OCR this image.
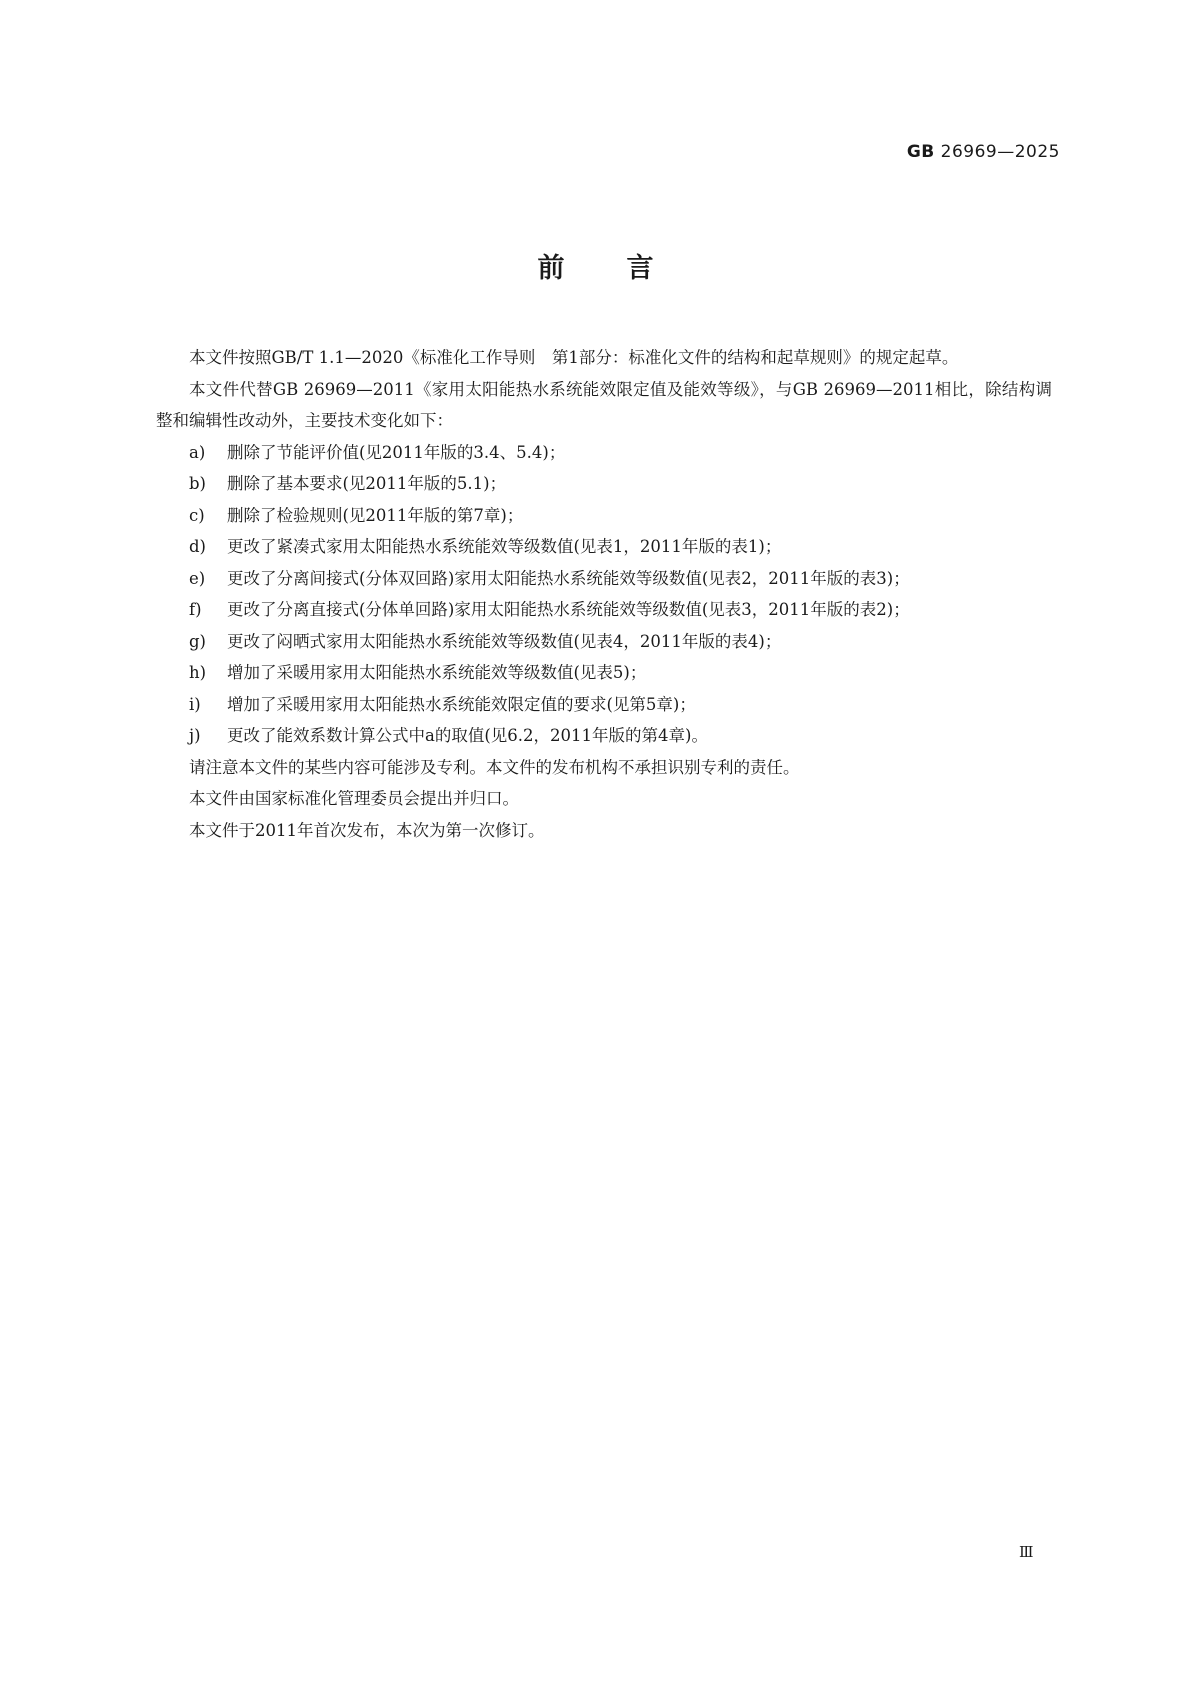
GB 26969—2025
前言

本文件按照GB/T 1.1—2020《标准化工作导则　第1部分：标准化文件的结构和起草规则》的规定起草。

本文件代替GB 26969—2011《家用太阳能热水系统能效限定值及能效等级》，与GB 26969—2011相比，除结构调整和编辑性改动外，主要技术变化如下：

a) 删除了节能评价值(见2011年版的3.4、5.4)；
b) 删除了基本要求(见2011年版的5.1)；
c) 删除了检验规则(见2011年版的第7章)；
d) 更改了紧凑式家用太阳能热水系统能效等级数值(见表1，2011年版的表1)；
e) 更改了分离间接式(分体双回路)家用太阳能热水系统能效等级数值(见表2，2011年版的表3)；
f) 更改了分离直接式(分体单回路)家用太阳能热水系统能效等级数值(见表3，2011年版的表2)；
g) 更改了闷晒式家用太阳能热水系统能效等级数值(见表4，2011年版的表4)；
h) 增加了采暖用家用太阳能热水系统能效等级数值(见表5)；
i) 增加了采暖用家用太阳能热水系统能效限定值的要求(见第5章)；
j) 更改了能效系数计算公式中a的取值(见6.2，2011年版的第4章)。

请注意本文件的某些内容可能涉及专利。本文件的发布机构不承担识别专利的责任。

本文件由国家标准化管理委员会提出并归口。

本文件于2011年首次发布，本次为第一次修订。

Ⅲ
